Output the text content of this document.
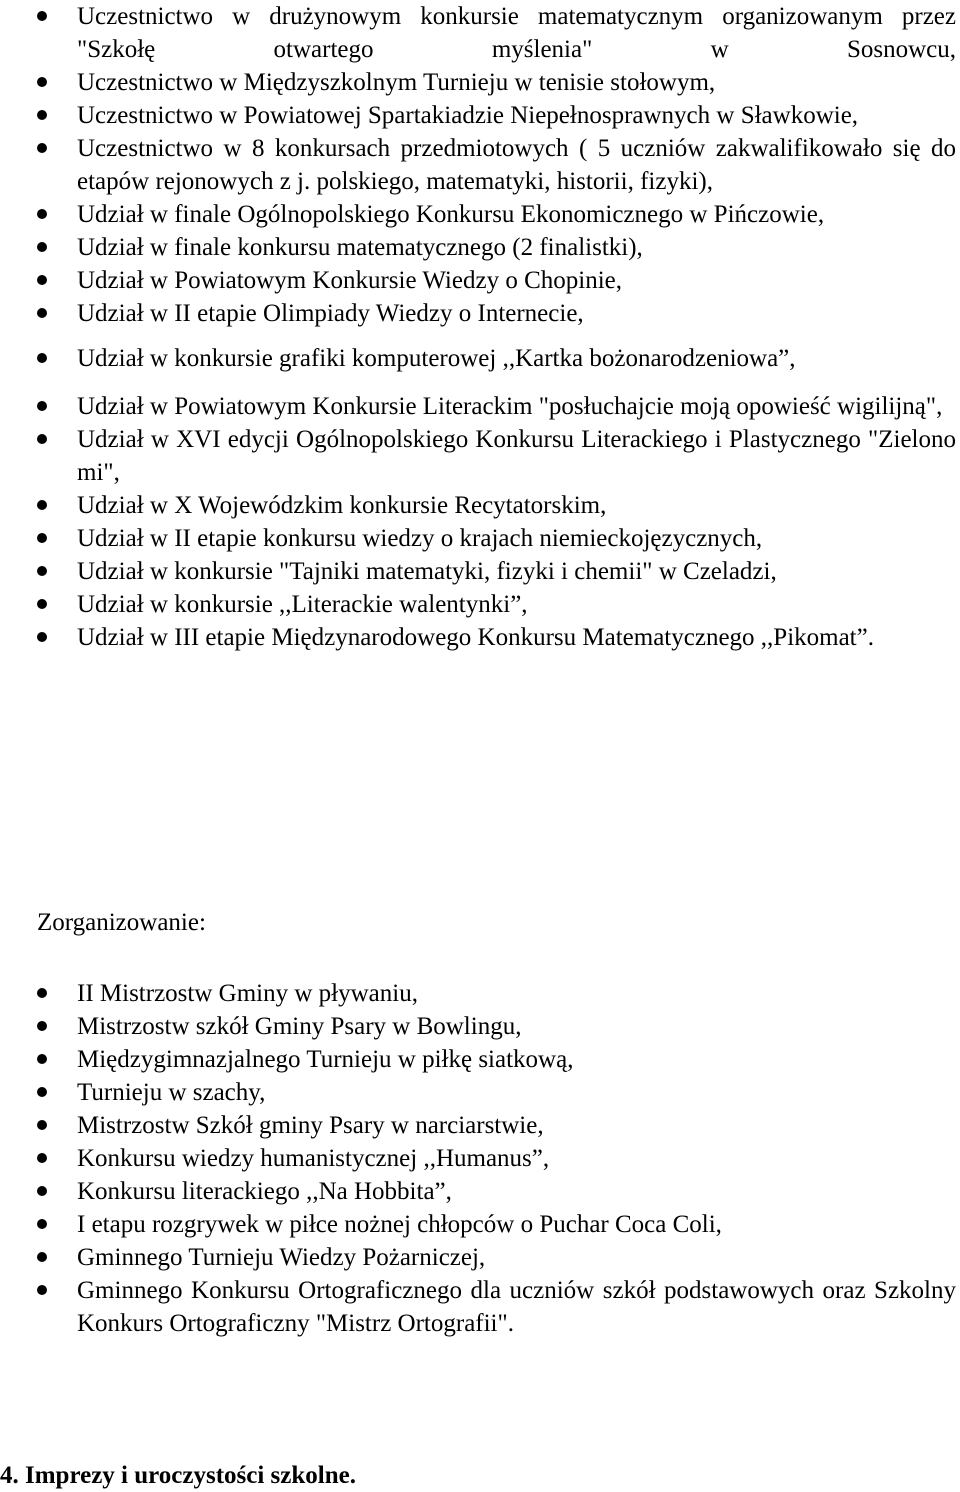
Uczestnictwo w drużynowym konkursie matematycznym organizowanym przez "Szkołę otwartego myślenia" w Sosnowcu,
Uczestnictwo w Międzyszkolnym Turnieju w tenisie stołowym,
Uczestnictwo w Powiatowej Spartakiadzie Niepełnosprawnych w Sławkowie,
Uczestnictwo w 8 konkursach przedmiotowych ( 5 uczniów zakwalifikowało się do etapów rejonowych z j. polskiego, matematyki, historii, fizyki),
Udział w finale Ogólnopolskiego Konkursu Ekonomicznego w Pińczowie,
Udział w finale konkursu matematycznego (2 finalistki),
Udział w Powiatowym Konkursie Wiedzy o Chopinie,
Udział w II etapie Olimpiady Wiedzy o Internecie,
Udział w konkursie grafiki komputerowej ,,Kartka bożonarodzeniowa”,
Udział w Powiatowym Konkursie Literackim "posłuchajcie moją opowieść wigilijną",
Udział w XVI edycji Ogólnopolskiego Konkursu Literackiego i Plastycznego "Zielono mi",
Udział w X Wojewódzkim konkursie Recytatorskim,
Udział w II etapie konkursu wiedzy o krajach niemieckojęzycznych,
Udział w konkursie "Tajniki matematyki, fizyki i chemii" w Czeladzi,
Udział w konkursie ,,Literackie walentynki”,
Udział w III etapie Międzynarodowego Konkursu Matematycznego ,,Pikomat”.
Zorganizowanie:
II Mistrzostw Gminy w pływaniu,
Mistrzostw szkół Gminy Psary w Bowlingu,
Międzygimnazjalnego Turnieju w piłkę siatkową,
Turnieju w szachy,
Mistrzostw Szkół gminy Psary w narciarstwie,
Konkursu wiedzy humanistycznej ,,Humanus”,
Konkursu literackiego ,,Na Hobbita”,
I etapu rozgrywek w piłce nożnej chłopców o Puchar Coca Coli,
Gminnego Turnieju Wiedzy Pożarniczej,
Gminnego Konkursu Ortograficznego dla uczniów szkół podstawowych oraz Szkolny Konkurs Ortograficzny "Mistrz Ortografii".
4. Imprezy i uroczystości szkolne.
